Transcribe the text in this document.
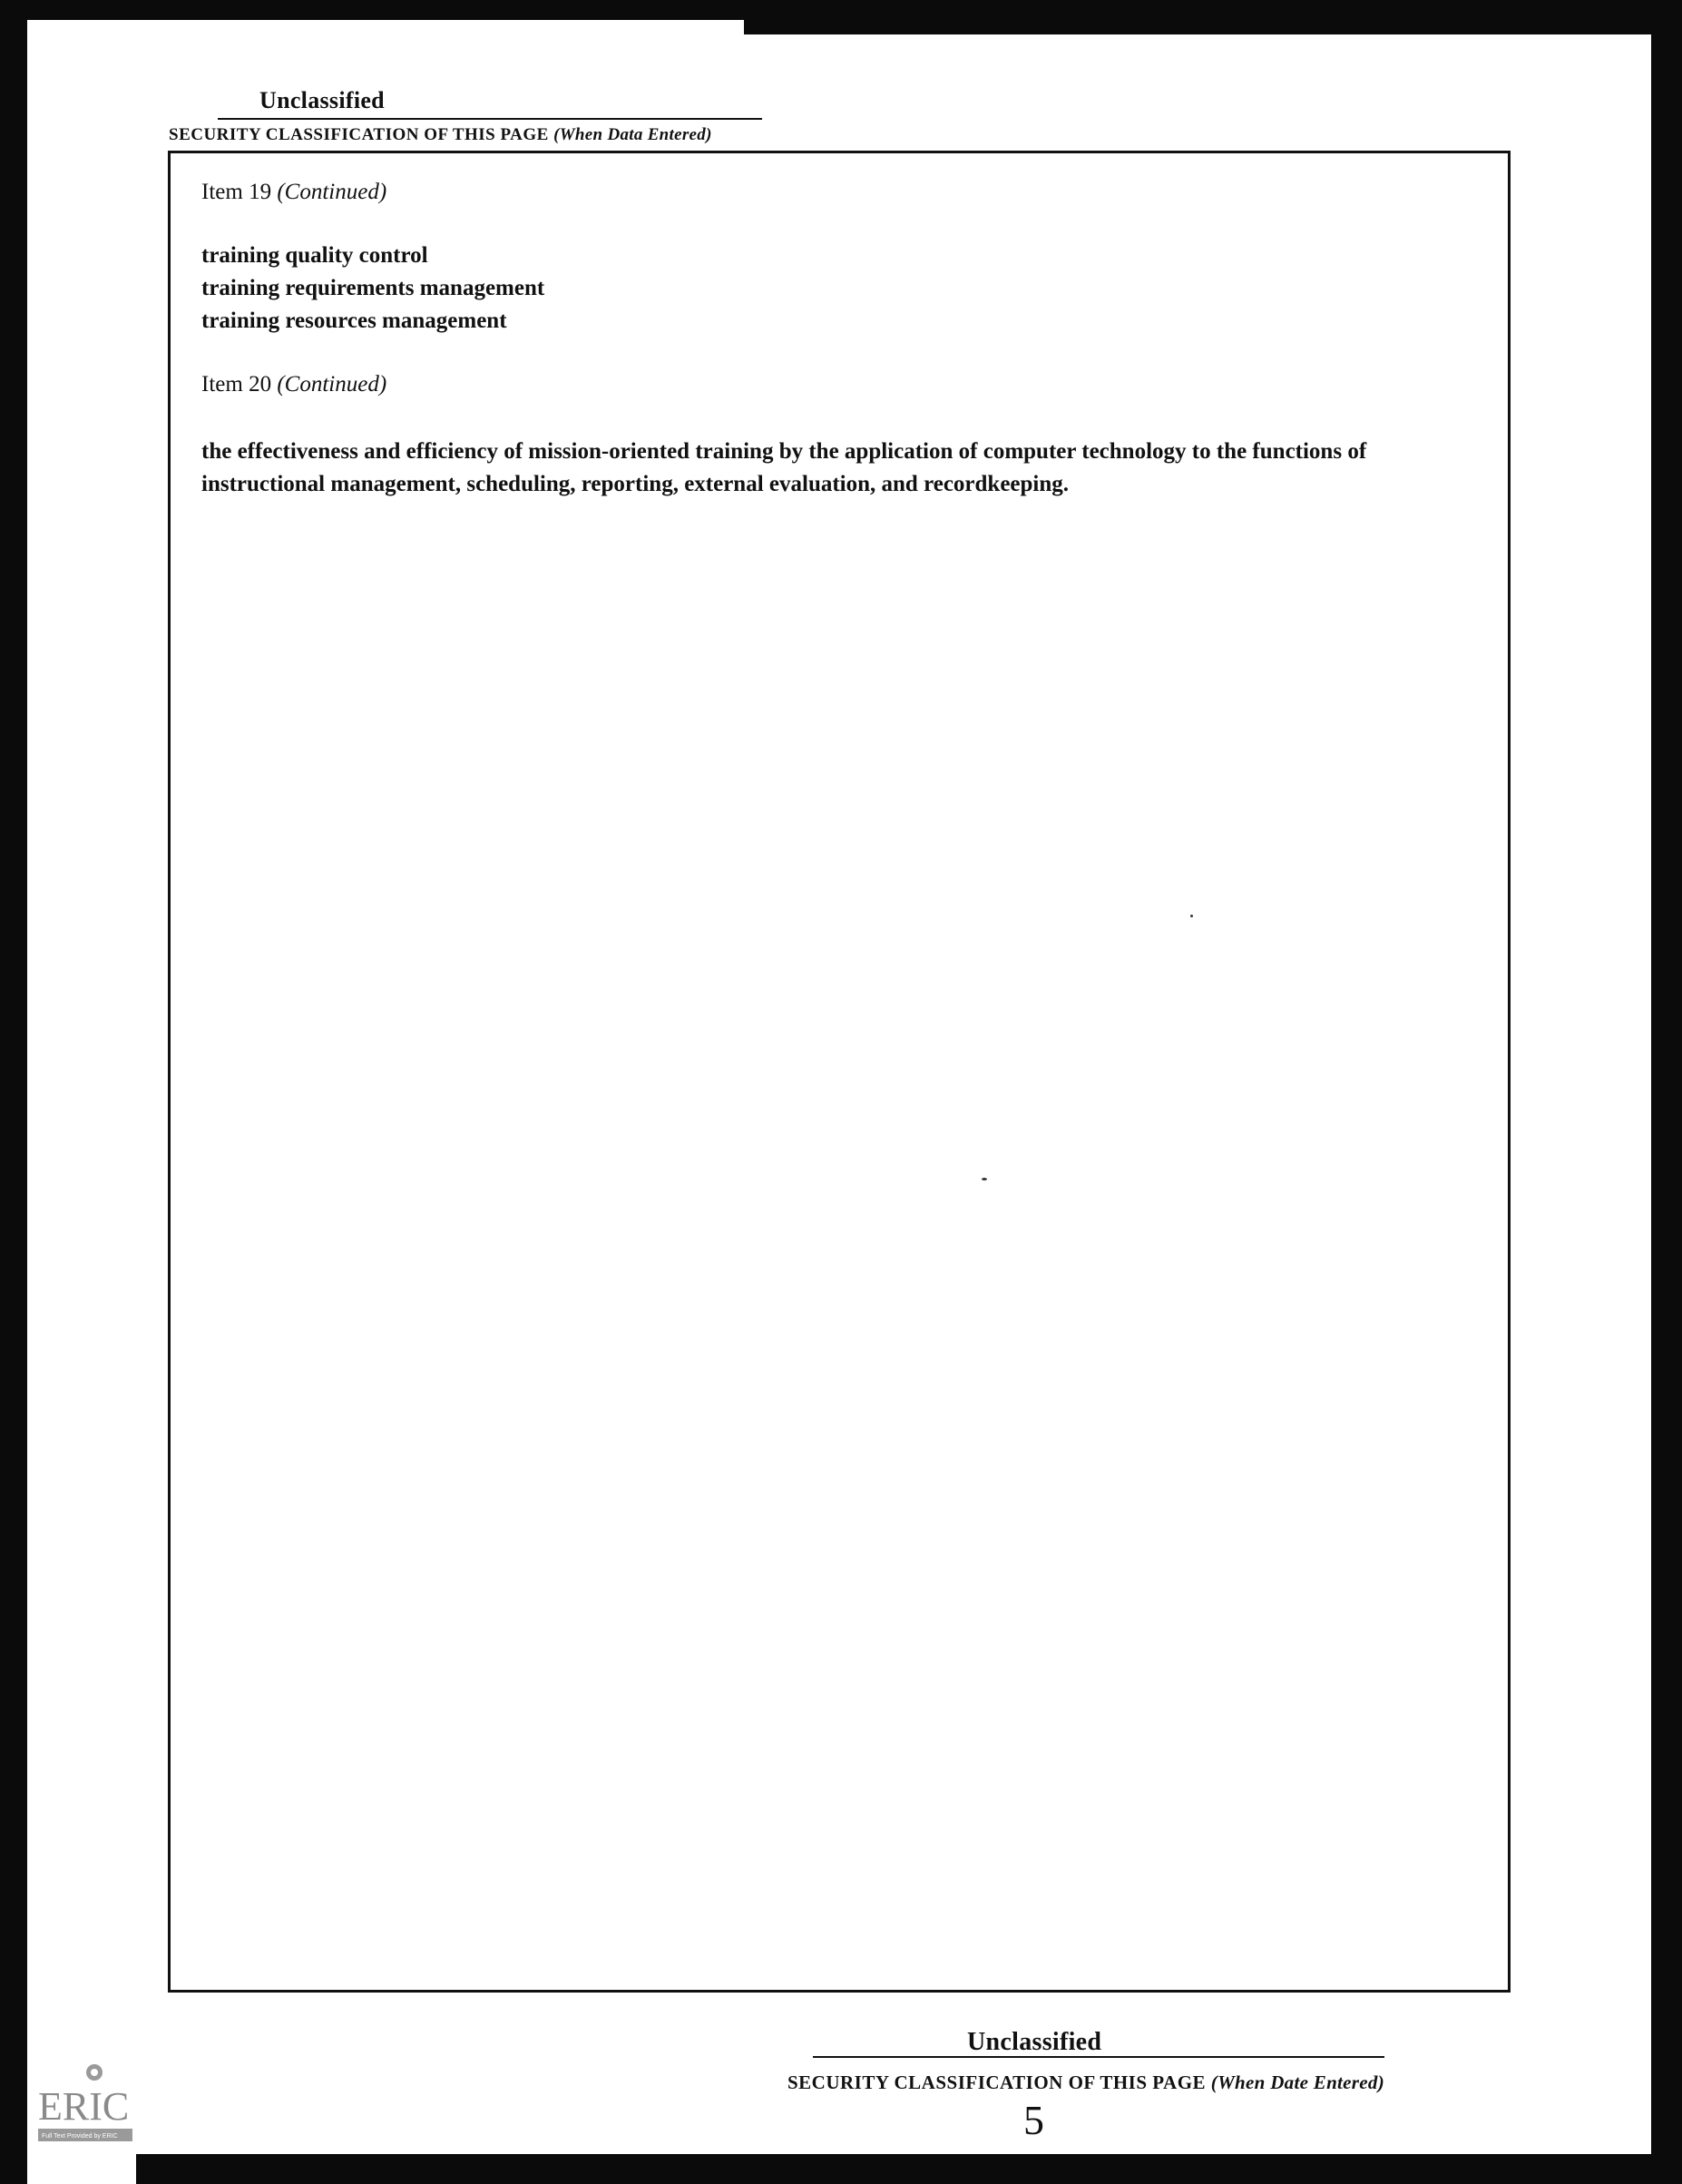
Unclassified
SECURITY CLASSIFICATION OF THIS PAGE (When Data Entered)
Item 19 (Continued)
training quality control
training requirements management
training resources management
Item 20 (Continued)
the effectiveness and efficiency of mission-oriented training by the application of computer technology to the functions of instructional management, scheduling, reporting, external evaluation, and recordkeeping.
Unclassified
SECURITY CLASSIFICATION OF THIS PAGE (When Date Entered)
5
ERIC
Full Text Provided by ERIC
